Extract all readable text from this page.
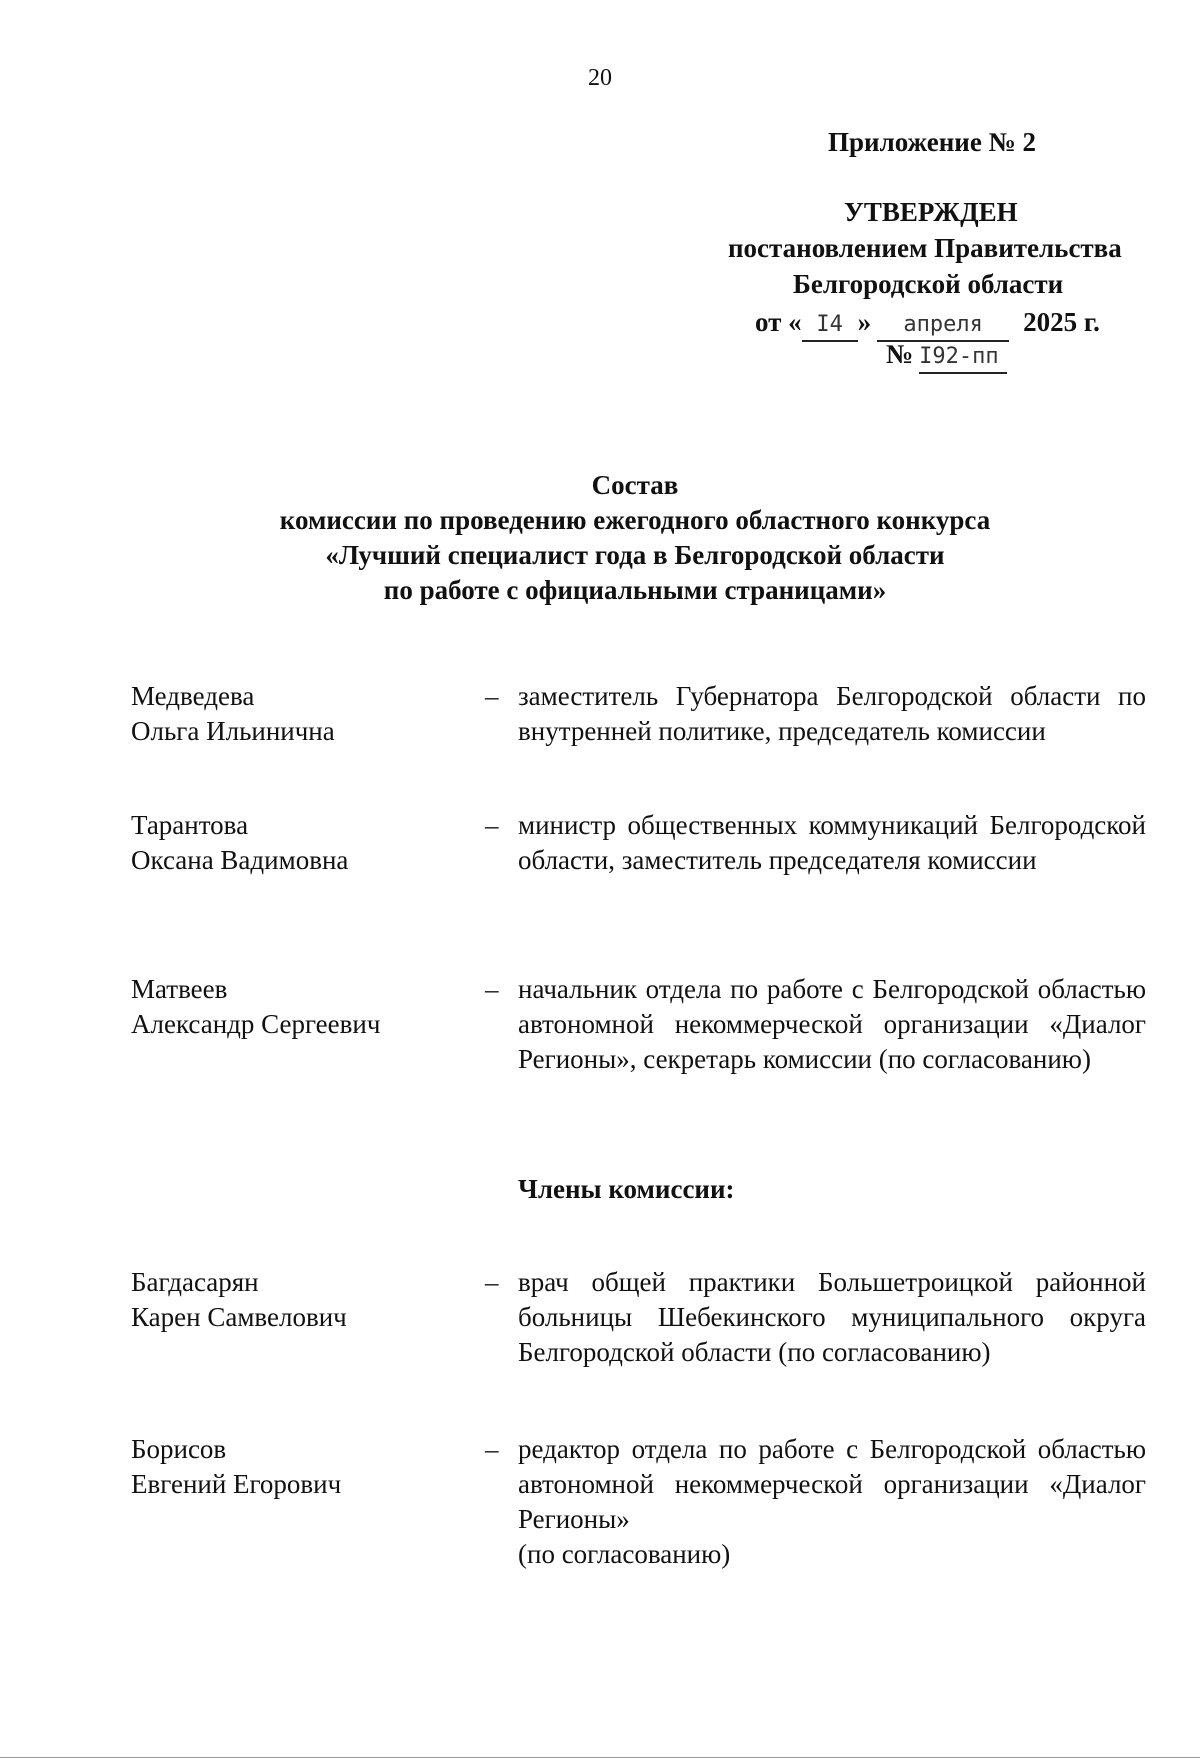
20
Приложение № 2
УТВЕРЖДЕН
постановлением Правительства
Белгородской области
от « I4 » апреля 2025 г.
№ I92-пп
Состав
комиссии по проведению ежегодного областного конкурса
«Лучший специалист года в Белгородской области
по работе с официальными страницами»
Медведева
Ольга Ильинична
– заместитель Губернатора Белгородской области по внутренней политике, председатель комиссии
Тарантова
Оксана Вадимовна
– министр общественных коммуникаций Белгородской области, заместитель председателя комиссии
Матвеев
Александр Сергеевич
– начальник отдела по работе с Белгородской областью автономной некоммерческой организации «Диалог Регионы», секретарь комиссии (по согласованию)
Члены комиссии:
Багдасарян
Карен Самвелович
– врач общей практики Большетроицкой районной больницы Шебекинского муниципального округа Белгородской области (по согласованию)
Борисов
Евгений Егорович
– редактор отдела по работе с Белгородской областью автономной некоммерческой организации «Диалог Регионы»
(по согласованию)
